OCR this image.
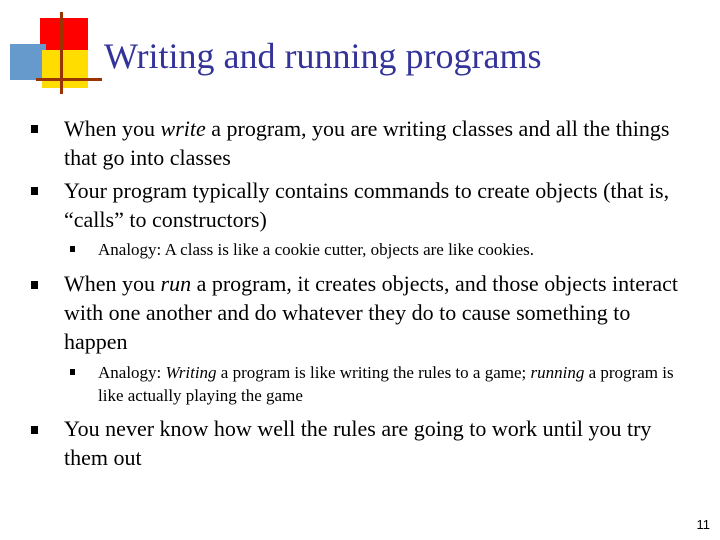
Writing and running programs
When you write a program, you are writing classes and all the things that go into classes
Your program typically contains commands to create objects (that is, “calls” to constructors)
Analogy: A class is like a cookie cutter, objects are like cookies.
When you run a program, it creates objects, and those objects interact with one another and do whatever they do to cause something to happen
Analogy: Writing a program is like writing the rules to a game; running a program is like actually playing the game
You never know how well the rules are going to work until you try them out
11
